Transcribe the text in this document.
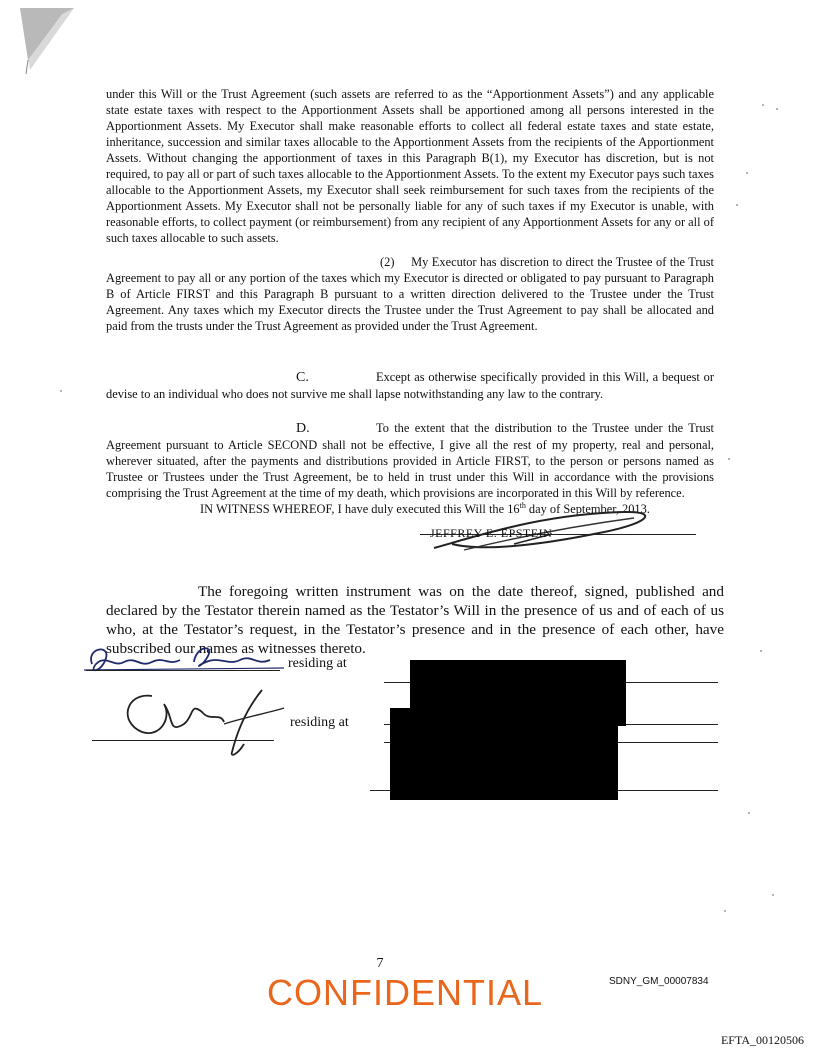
under this Will or the Trust Agreement (such assets are referred to as the “Apportionment Assets”) and any applicable state estate taxes with respect to the Apportionment Assets shall be apportioned among all persons interested in the Apportionment Assets. My Executor shall make reasonable efforts to collect all federal estate taxes and state estate, inheritance, succession and similar taxes allocable to the Apportionment Assets from the recipients of the Apportionment Assets. Without changing the apportionment of taxes in this Paragraph B(1), my Executor has discretion, but is not required, to pay all or part of such taxes allocable to the Apportionment Assets. To the extent my Executor pays such taxes allocable to the Apportionment Assets, my Executor shall seek reimbursement for such taxes from the recipients of the Apportionment Assets. My Executor shall not be personally liable for any of such taxes if my Executor is unable, with reasonable efforts, to collect payment (or reimbursement) from any recipient of any Apportionment Assets for any or all of such taxes allocable to such assets.

(2) My Executor has discretion to direct the Trustee of the Trust Agreement to pay all or any portion of the taxes which my Executor is directed or obligated to pay pursuant to Paragraph B of Article FIRST and this Paragraph B pursuant to a written direction delivered to the Trustee under the Trust Agreement. Any taxes which my Executor directs the Trustee under the Trust Agreement to pay shall be allocated and paid from the trusts under the Trust Agreement as provided under the Trust Agreement.

C.	Except as otherwise specifically provided in this Will, a bequest or devise to an individual who does not survive me shall lapse notwithstanding any law to the contrary.

D.	To the extent that the distribution to the Trustee under the Trust Agreement pursuant to Article SECOND shall not be effective, I give all the rest of my property, real and personal, wherever situated, after the payments and distributions provided in Article FIRST, to the person or persons named as Trustee or Trustees under the Trust Agreement, be to held in trust under this Will in accordance with the provisions comprising the Trust Agreement at the time of my death, which provisions are incorporated in this Will by reference.

IN WITNESS WHEREOF, I have duly executed this Will the 16th day of September, 2013.
JEFFREY E. EPSTEIN

The foregoing written instrument was on the date thereof, signed, published and declared by the Testator therein named as the Testator’s Will in the presence of us and of each of us who, at the Testator’s request, in the Testator’s presence and in the presence of each other, have subscribed our names as witnesses thereto.

residing at
residing at
7
CONFIDENTIAL	SDNY_GM_00007834
EFTA_00120506
